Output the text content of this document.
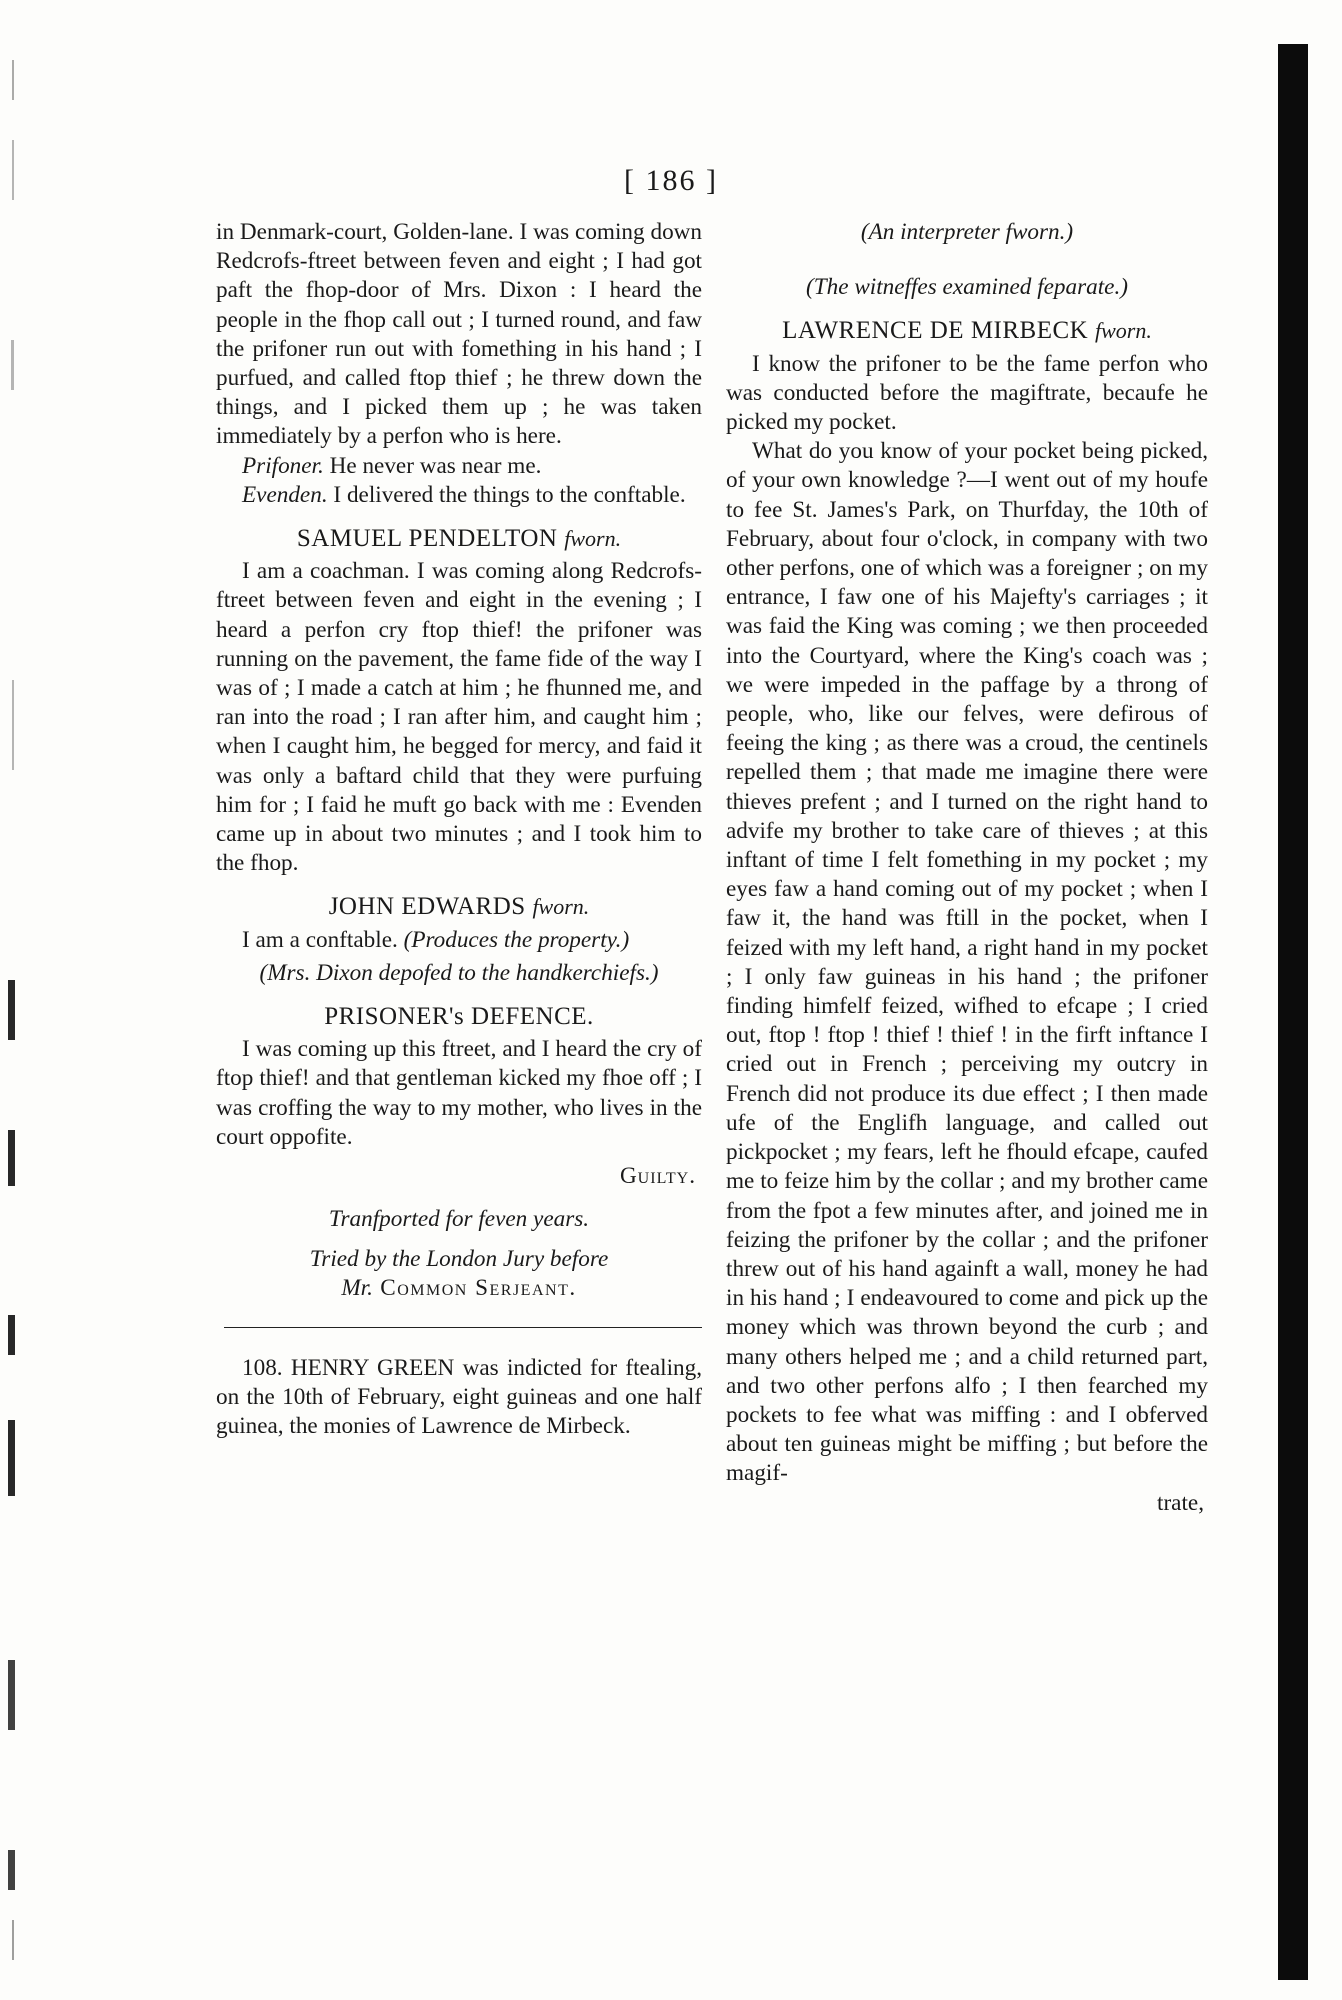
[ 186 ]

in Denmark-court, Golden-lane. I was coming down Redcrofs-ftreet between feven and eight ; I had got paft the fhop-door of Mrs. Dixon : I heard the people in the fhop call out ; I turned round, and faw the prifoner run out with fomething in his hand ; I purfued, and called ftop thief ; he threw down the things, and I picked them up ; he was taken immediately by a perfon who is here.

Prifoner. He never was near me.

Evenden. I delivered the things to the conftable.

SAMUEL PENDELTON fworn.

I am a coachman. I was coming along Redcrofs-ftreet between feven and eight in the evening ; I heard a perfon cry ftop thief! the prifoner was running on the pavement, the fame fide of the way I was of ; I made a catch at him ; he fhunned me, and ran into the road ; I ran after him, and caught him ; when I caught him, he begged for mercy, and faid it was only a baftard child that they were purfuing him for ; I faid he muft go back with me : Evenden came up in about two minutes ; and I took him to the fhop.

JOHN EDWARDS fworn.

I am a conftable. (Produces the property.)

(Mrs. Dixon depofed to the handkerchiefs.)
PRISONER's DEFENCE.

I was coming up this ftreet, and I heard the cry of ftop thief! and that gentleman kicked my fhoe off ; I was croffing the way to my mother, who lives in the court oppofite.

Guilty.
Tranfported for feven years.
Tried by the London Jury before
Mr. Common Serjeant.

108. HENRY GREEN was indicted for ftealing, on the 10th of February, eight guineas and one half guinea, the monies of Lawrence de Mirbeck.

(An interpreter fworn.)
(The witneffes examined feparate.)
LAWRENCE DE MIRBECK fworn.

I know the prifoner to be the fame perfon who was conducted before the magiftrate, becaufe he picked my pocket.

What do you know of your pocket being picked, of your own knowledge ?—I went out of my houfe to fee St. James's Park, on Thurfday, the 10th of February, about four o'clock, in company with two other perfons, one of which was a foreigner ; on my entrance, I faw one of his Majefty's carriages ; it was faid the King was coming ; we then proceeded into the Courtyard, where the King's coach was ; we were impeded in the paffage by a throng of people, who, like our felves, were defirous of feeing the king ; as there was a croud, the centinels repelled them ; that made me imagine there were thieves prefent ; and I turned on the right hand to advife my brother to take care of thieves ; at this inftant of time I felt fomething in my pocket ; my eyes faw a hand coming out of my pocket ; when I faw it, the hand was ftill in the pocket, when I feized with my left hand, a right hand in my pocket ; I only faw guineas in his hand ; the prifoner finding himfelf feized, wifhed to efcape ; I cried out, ftop ! ftop ! thief ! thief ! in the firft inftance I cried out in French ; perceiving my outcry in French did not produce its due effect ; I then made ufe of the Englifh language, and called out pickpocket ; my fears, left he fhould efcape, caufed me to feize him by the collar ; and my brother came from the fpot a few minutes after, and joined me in feizing the prifoner by the collar ; and the prifoner threw out of his hand againft a wall, money he had in his hand ; I endeavoured to come and pick up the money which was thrown beyond the curb ; and many others helped me ; and a child returned part, and two other perfons alfo ; I then fearched my pockets to fee what was miffing : and I obferved about ten guineas might be miffing ; but before the magif-

trate,
